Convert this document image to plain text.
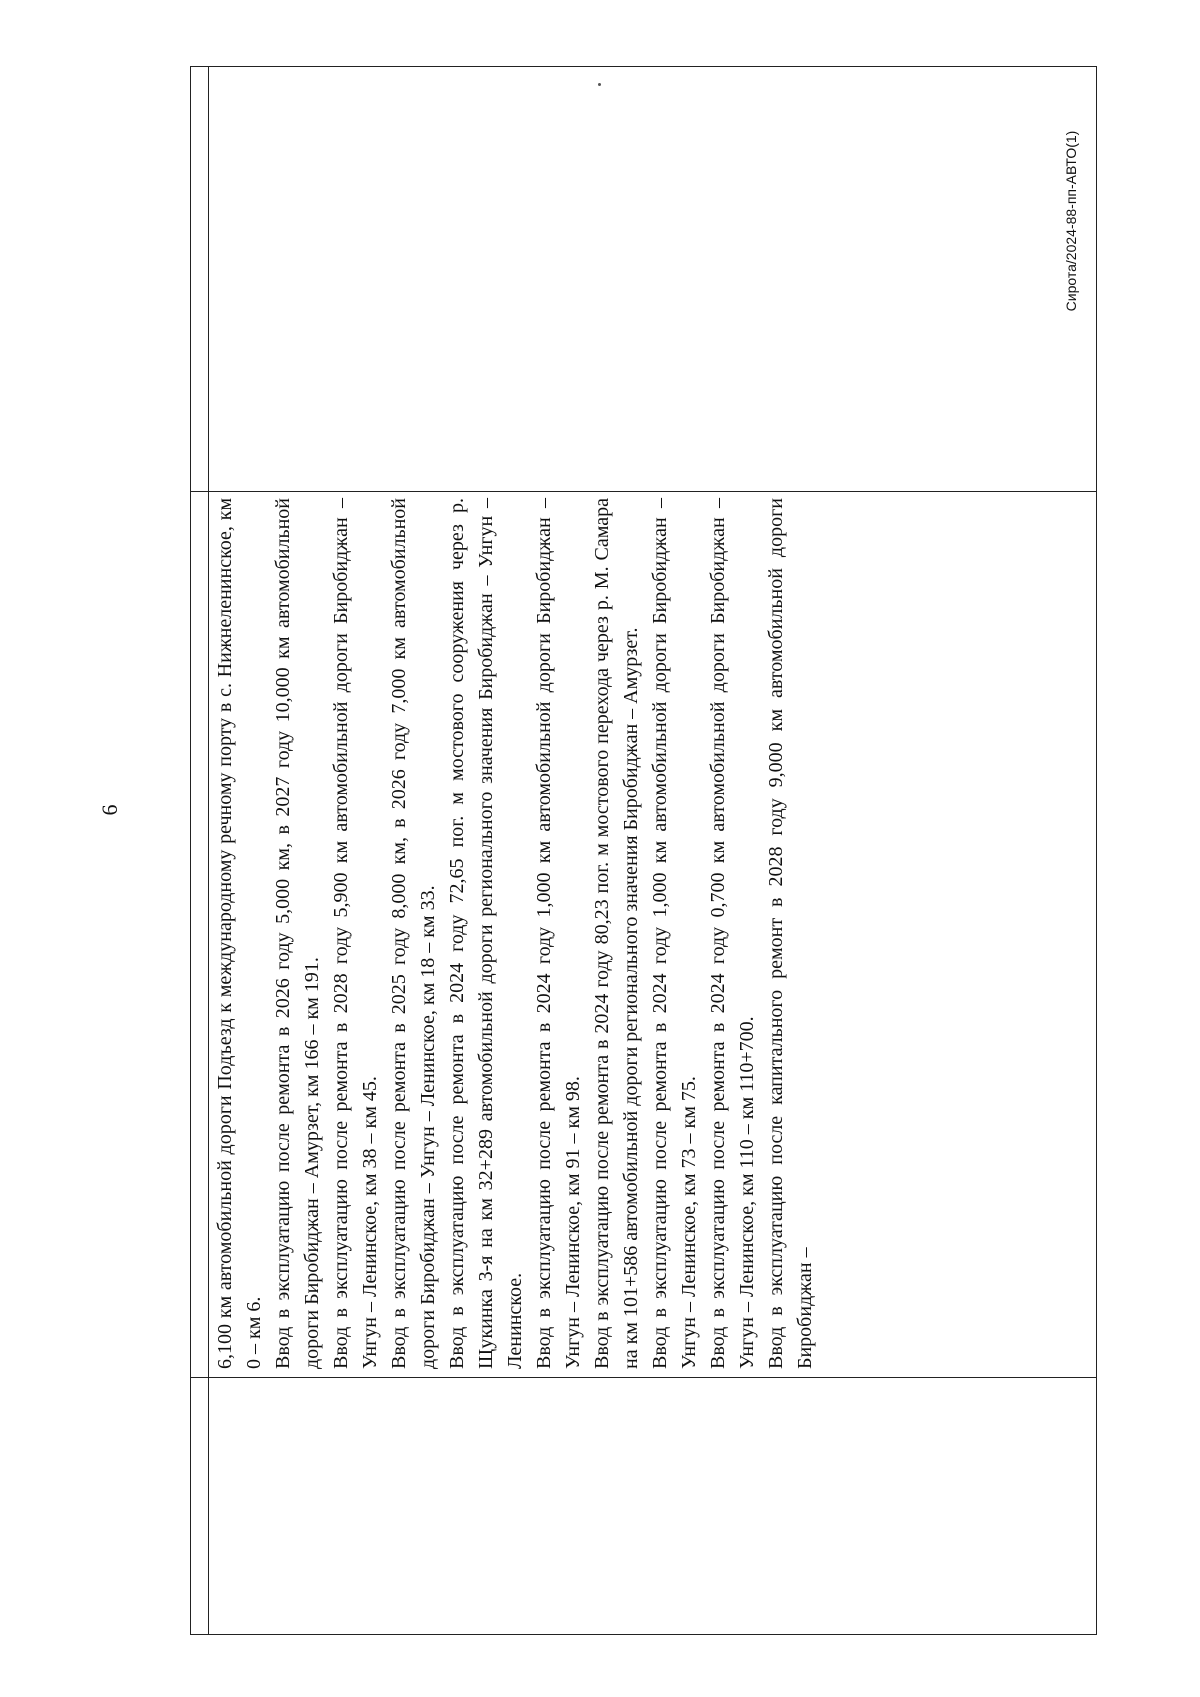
6
Сирота/2024-88-пп-АВТО(1)

6,100 км автомобильной дороги Подъезд к международному речному порту в с. Нижнеленинское, км 0 – км 6. Ввод в эксплуатацию после ремонта в 2026 году 5,000 км, в 2027 году 10,000 км автомобильной дороги Биробиджан – Амурзет, км 166 – км 191. Ввод в эксплуатацию после ремонта в 2028 году 5,900 км автомобильной дороги Биробиджан – Унгун – Ленинское, км 38 – км 45. Ввод в эксплуатацию после ремонта в 2025 году 8,000 км, в 2026 году 7,000 км автомобильной дороги Биробиджан – Унгун – Ленинское, км 18 – км 33. Ввод в эксплуатацию после ремонта в 2024 году 72,65 пог. м мостового сооружения через р. Щукинка 3-я на км 32+289 автомобильной дороги регионального значения Биробиджан – Унгун – Ленинское. Ввод в эксплуатацию после ремонта в 2024 году 1,000 км автомобильной дороги Биробиджан – Унгун – Ленинское, км 91 – км 98. Ввод в эксплуатацию после ремонта в 2024 году 80,23 пог. м мостового перехода через р. М. Самара на км 101+586 автомобильной дороги регионального значения Биробиджан – Амурзет. Ввод в эксплуатацию после ремонта в 2024 году 1,000 км автомобильной дороги Биробиджан – Унгун – Ленинское, км 73 – км 75. Ввод в эксплуатацию после ремонта в 2024 году 0,700 км автомобильной дороги Биробиджан – Унгун – Ленинское, км 110 – км 110+700. Ввод в эксплуатацию после капитального ремонт в 2028 году 9,000 км автомобильной дороги Биробиджан –
